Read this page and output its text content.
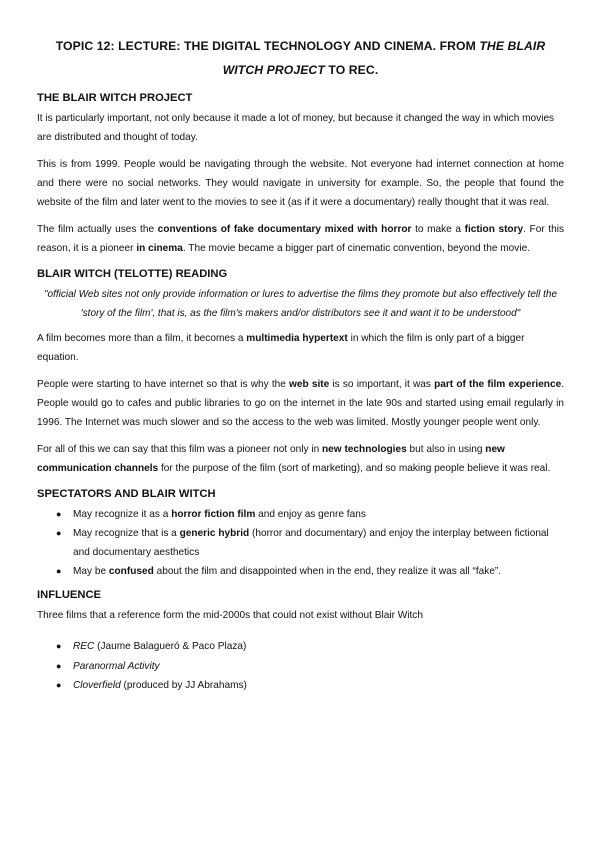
TOPIC 12: LECTURE: THE DIGITAL TECHNOLOGY AND CINEMA. FROM THE BLAIR
WITCH PROJECT TO REC.
THE BLAIR WITCH PROJECT

It is particularly important, not only because it made a lot of money, but because it changed the way in which movies are distributed and thought of today.

This is from 1999. People would be navigating through the website. Not everyone had internet connection at home and there were no social networks. They would navigate in university for example. So, the people that found the website of the film and later went to the movies to see it (as if it were a documentary) really thought that it was real.

The film actually uses the conventions of fake documentary mixed with horror to make a fiction story. For this reason, it is a pioneer in cinema. The movie became a bigger part of cinematic convention, beyond the movie.

BLAIR WITCH (TELOTTE) READING
"official Web sites not only provide information or lures to advertise the films they promote but also effectively tell the 'story of the film', that is, as the film's makers and/or distributors see it and want it to be understood"

A film becomes more than a film, it becomes a multimedia hypertext in which the film is only part of a bigger equation.

People were starting to have internet so that is why the web site is so important, it was part of the film experience. People would go to cafes and public libraries to go on the internet in the late 90s and started using email regularly in 1996. The Internet was much slower and so the access to the web was limited. Mostly younger people went only.

For all of this we can say that this film was a pioneer not only in new technologies but also in using new communication channels for the purpose of the film (sort of marketing), and so making people believe it was real.

SPECTATORS AND BLAIR WITCH
● May recognize it as a horror fiction film and enjoy as genre fans
● May recognize that is a generic hybrid (horror and documentary) and enjoy the interplay between fictional and documentary aesthetics
● May be confused about the film and disappointed when in the end, they realize it was all “fake”.
INFLUENCE

Three films that a reference form the mid-2000s that could not exist without Blair Witch

● REC (Jaume Balagueró & Paco Plaza)
● Paranormal Activity
● Cloverfield (produced by JJ Abrahams)
